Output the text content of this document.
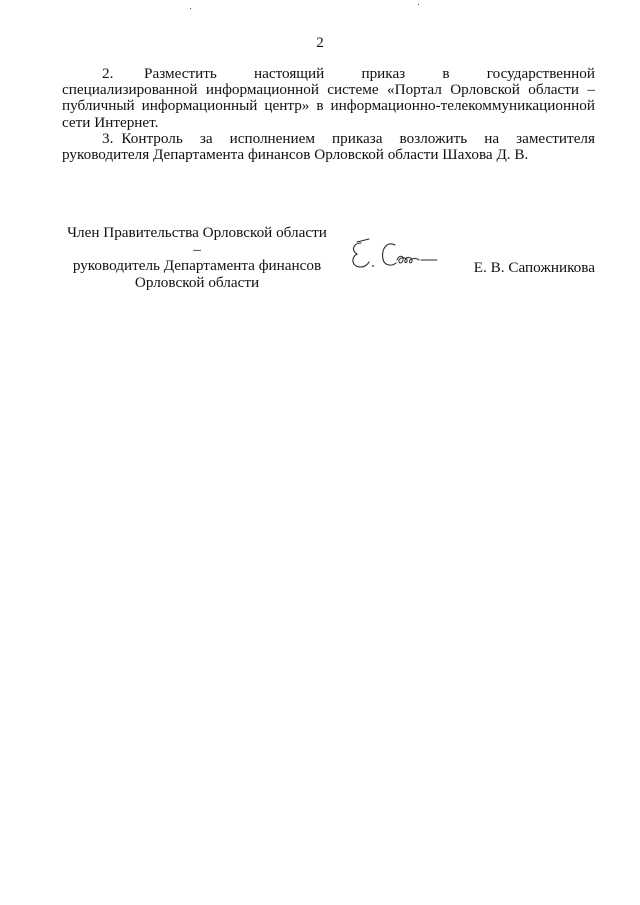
2

2. Разместить настоящий приказ в государственной специализированной информационной системе «Портал Орловской области – публичный информационный центр» в информационно-телекоммуникационной сети Интернет.

3. Контроль за исполнением приказа возложить на заместителя руководителя Департамента финансов Орловской области Шахова Д. В.

Член Правительства Орловской области –
руководитель Департамента финансов
Орловской области
Е. В. Сапожникова
